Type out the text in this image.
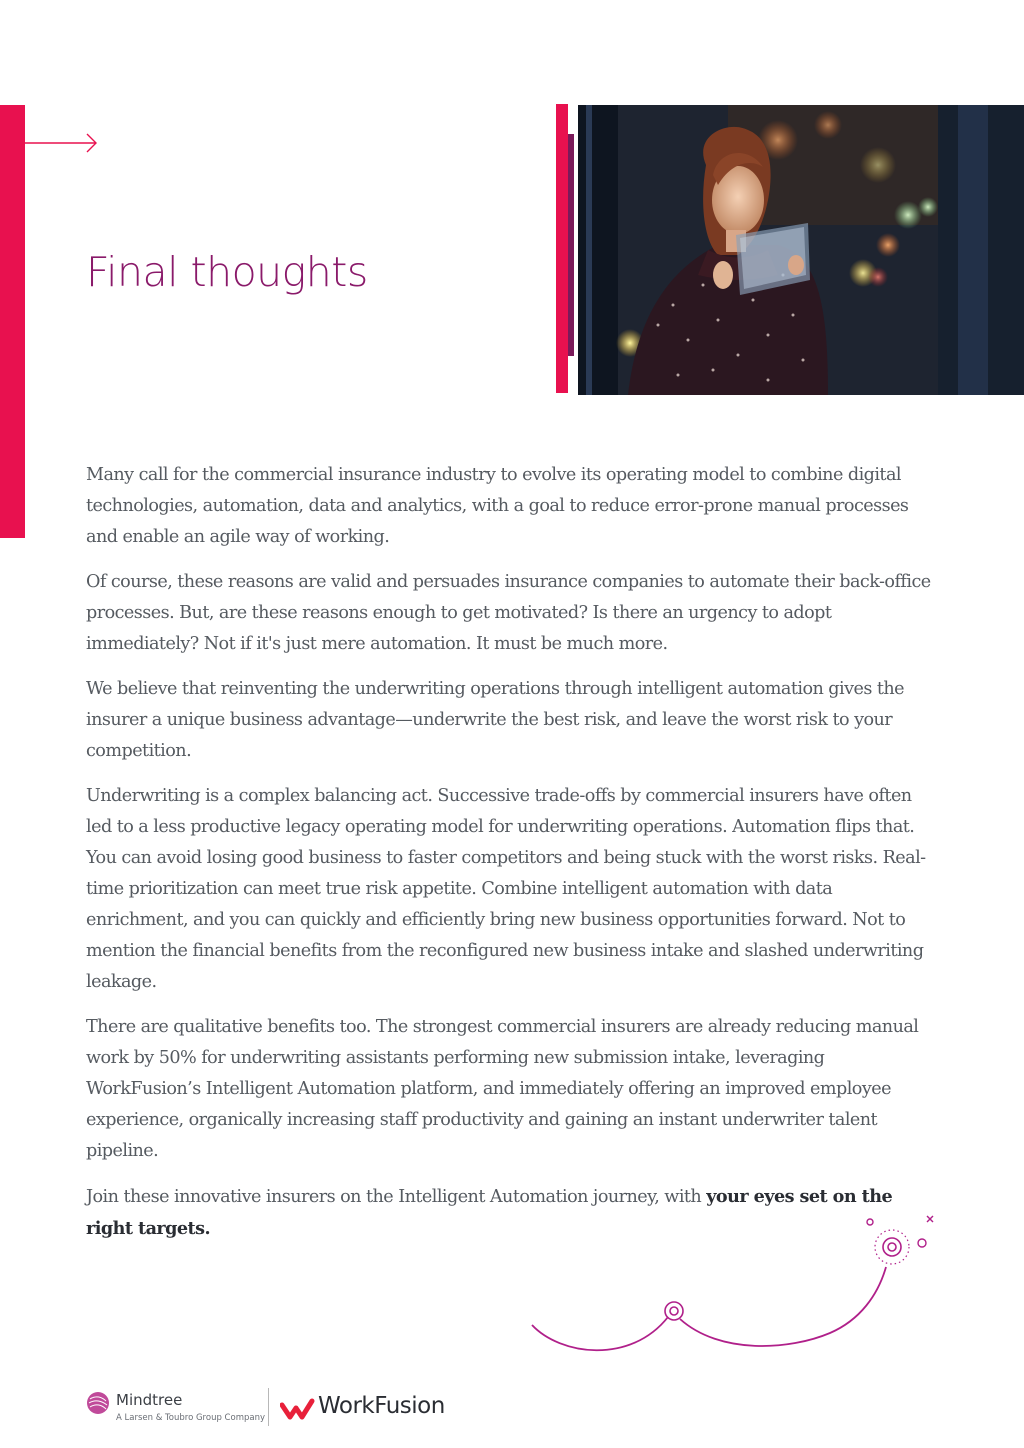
Final thoughts

Many call for the commercial insurance industry to evolve its operating model to combine digital technologies, automation, data and analytics, with a goal to reduce error-prone manual processes and enable an agile way of working.

Of course, these reasons are valid and persuades insurance companies to automate their back-office processes. But, are these reasons enough to get motivated? Is there an urgency to adopt immediately? Not if it's just mere automation. It must be much more.

We believe that reinventing the underwriting operations through intelligent automation gives the insurer a unique business advantage—underwrite the best risk, and leave the worst risk to your competition.

Underwriting is a complex balancing act. Successive trade-offs by commercial insurers have often led to a less productive legacy operating model for underwriting operations. Automation flips that. You can avoid losing good business to faster competitors and being stuck with the worst risks. Real-time prioritization can meet true risk appetite. Combine intelligent automation with data enrichment, and you can quickly and efficiently bring new business opportunities forward. Not to mention the financial benefits from the reconfigured new business intake and slashed underwriting leakage.

There are qualitative benefits too. The strongest commercial insurers are already reducing manual work by 50% for underwriting assistants performing new submission intake, leveraging WorkFusion’s Intelligent Automation platform, and immediately offering an improved employee experience, organically increasing staff productivity and gaining an instant underwriter talent pipeline.

Join these innovative insurers on the Intelligent Automation journey, with your eyes set on the right targets.

Mindtree
A Larsen & Toubro Group Company WorkFusion
